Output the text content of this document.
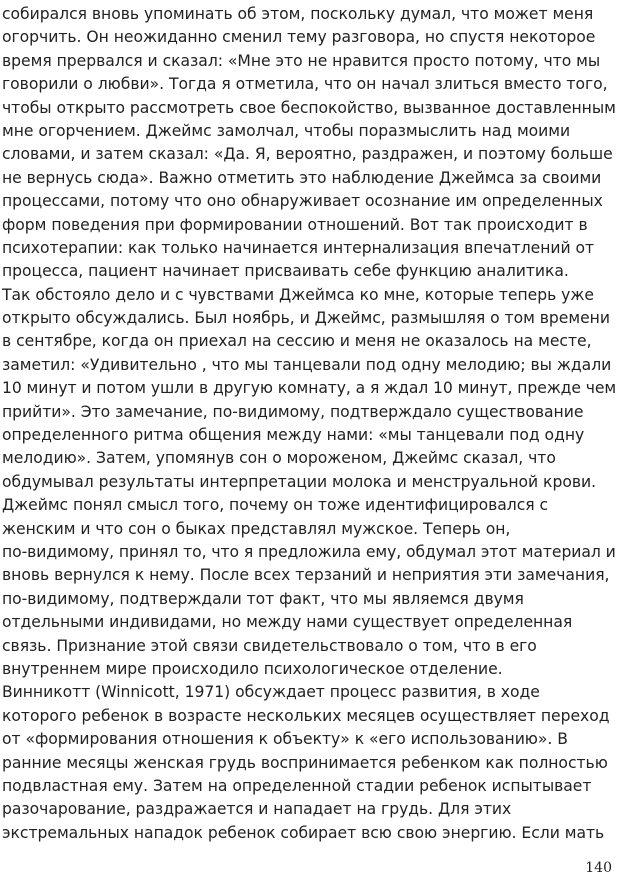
собирался вновь упоминать об этом, поскольку думал, что может меня
огорчить. Он неожиданно сменил тему разговора, но спустя некоторое
время прервался и сказал: «Мне это не нравится просто потому, что мы
говорили о любви». Тогда я отметила, что он начал злиться вместо того,
чтобы открыто рассмотреть свое беспокойство, вызванное доставленным
мне огорчением. Джеймс замолчал, чтобы поразмыслить над моими
словами, и затем сказал: «Да. Я, вероятно, раздражен, и поэтому больше
не вернусь сюда». Важно отметить это наблюдение Джеймса за своими
процессами, потому что оно обнаруживает осознание им определенных
форм поведения при формировании отношений. Вот так происходит в
психотерапии: как только начинается интернализация впечатлений от
процесса, пациент начинает присваивать себе функцию аналитика.
Так обстояло дело и с чувствами Джеймса ко мне, которые теперь уже
открыто обсуждались. Был ноябрь, и Джеймс, размышляя о том времени
в сентябре, когда он приехал на сессию и меня не оказалось на месте,
заметил: «Удивительно , что мы танцевали под одну мелодию; вы ждали
10 минут и потом ушли в другую комнату, а я ждал 10 минут, прежде чем
прийти». Это замечание, по-видимому, подтверждало существование
определенного ритма общения между нами: «мы танцевали под одну
мелодию». Затем, упомянув сон о мороженом, Джеймс сказал, что
обдумывал результаты интерпретации молока и менструальной крови.
Джеймс понял смысл того, почему он тоже идентифицировался с
женским и что сон о быках представлял мужское. Теперь он,
по-видимому, принял то, что я предложила ему, обдумал этот материал и
вновь вернулся к нему. После всех терзаний и неприятия эти замечания,
по-видимому, подтверждали тот факт, что мы являемся двумя
отдельными индивидами, но между нами существует определенная
связь. Признание этой связи свидетельствовало о том, что в его
внутреннем мире происходило психологическое отделение.
Винникотт (Winnicott, 1971) обсуждает процесс развития, в ходе
которого ребенок в возрасте нескольких месяцев осуществляет переход
от «формирования отношения к объекту» к «его использованию». В
ранние месяцы женская грудь воспринимается ребенком как полностью
подвластная ему. Затем на определенной стадии ребенок испытывает
разочарование, раздражается и нападает на грудь. Для этих
экстремальных нападок ребенок собирает всю свою энергию. Если мать
140
